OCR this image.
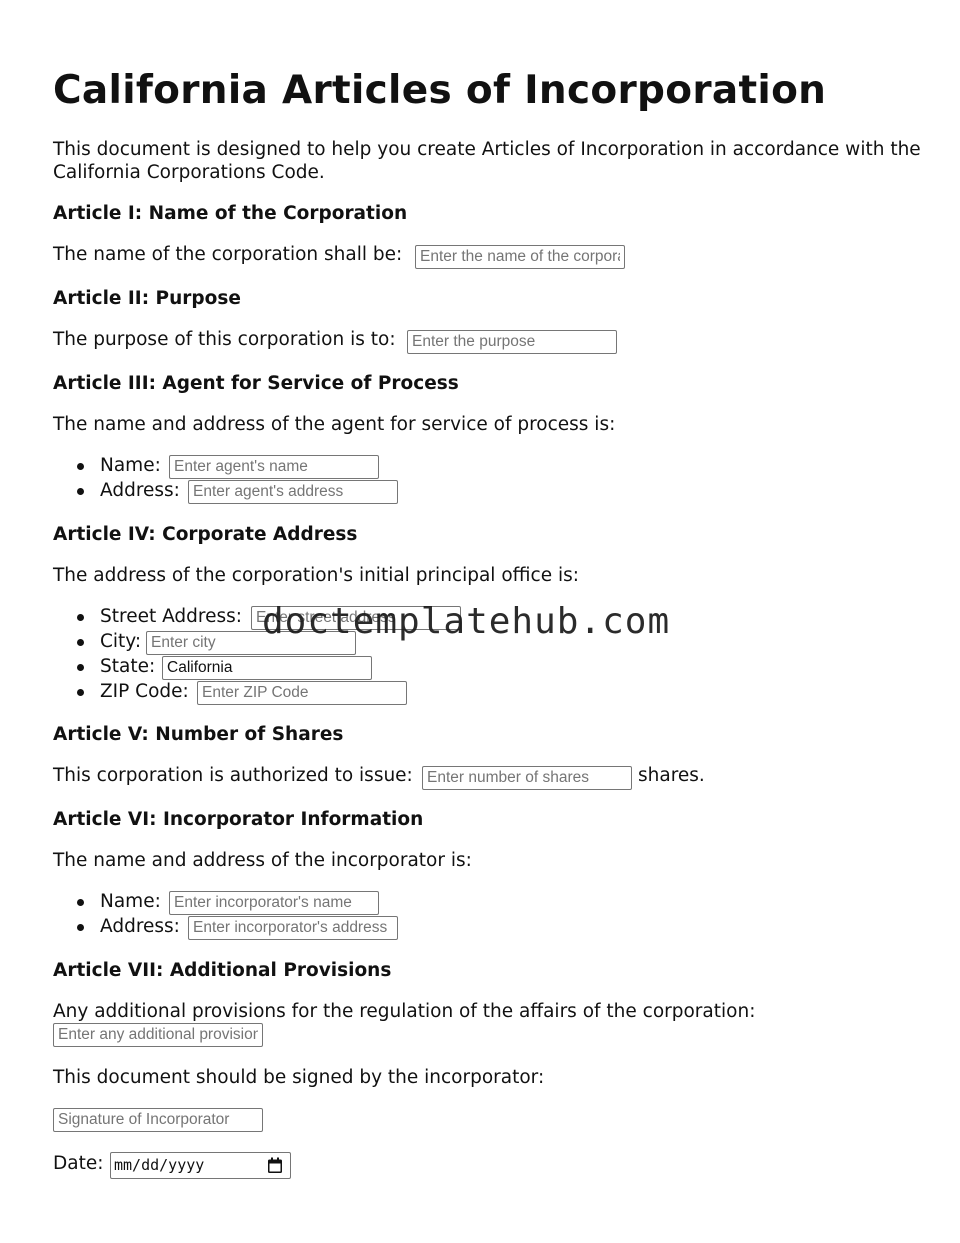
California Articles of Incorporation

This document is designed to help you create Articles of Incorporation in accordance with the California Corporations Code.

Article I: Name of the Corporation
The name of the corporation shall be:
Enter the name of the corporation
Article II: Purpose
The purpose of this corporation is to:
Enter the purpose
Article III: Agent for Service of Process
The name and address of the agent for service of process is:
Name:
Enter agent's name
Address:
Enter agent's address
Article IV: Corporate Address
The address of the corporation's initial principal office is:
Street Address:
Enter street address
City:
Enter city
State:
California
ZIP Code:
Enter ZIP Code
Article V: Number of Shares
This corporation is authorized to issue:
Enter number of shares	shares.
Article VI: Incorporator Information
The name and address of the incorporator is:
Name:
Enter incorporator's name
Address:
Enter incorporator's address
Article VII: Additional Provisions
Any additional provisions for the regulation of the affairs of the corporation:
Enter any additional provisions
This document should be signed by the incorporator:
Signature of Incorporator
Date: mm/dd/yyyy
doctemplatehub.com
